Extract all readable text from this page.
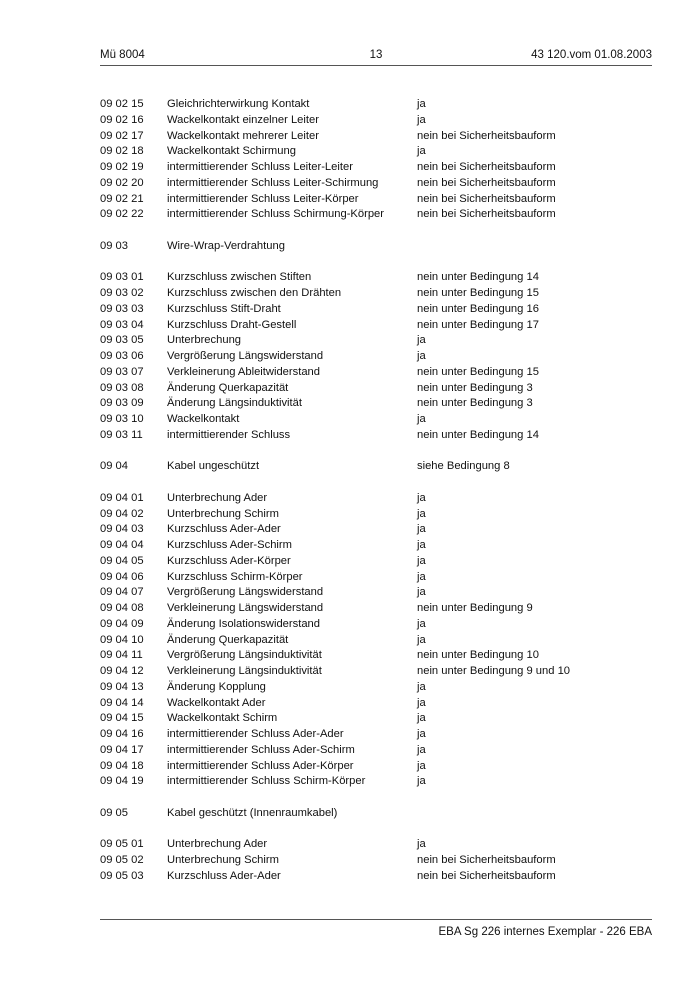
Mü 8004	13	43 120.vom 01.08.2003
09 02 15 Gleichrichterwirkung Kontakt	ja
09 02 16 Wackelkontakt einzelner Leiter	ja
09 02 17 Wackelkontakt mehrerer Leiter	nein bei Sicherheitsbauform
09 02 18 Wackelkontakt Schirmung	ja
09 02 19 intermittierender Schluss Leiter-Leiter	nein bei Sicherheitsbauform
09 02 20 intermittierender Schluss Leiter-Schirmung	nein bei Sicherheitsbauform
09 02 21 intermittierender Schluss Leiter-Körper	nein bei Sicherheitsbauform
09 02 22 intermittierender Schluss Schirmung-Körper	nein bei Sicherheitsbauform
09 03	Wire-Wrap-Verdrahtung
09 03 01 Kurzschluss zwischen Stiften	nein unter Bedingung 14
09 03 02 Kurzschluss zwischen den Drähten	nein unter Bedingung 15
09 03 03 Kurzschluss Stift-Draht	nein unter Bedingung 16
09 03 04 Kurzschluss Draht-Gestell	nein unter Bedingung 17
09 03 05 Unterbrechung	ja
09 03 06 Vergrößerung Längswiderstand	ja
09 03 07 Verkleinerung Ableitwiderstand	nein unter Bedingung 15
09 03 08 Änderung Querkapazität	nein unter Bedingung 3
09 03 09 Änderung Längsinduktivität	nein unter Bedingung 3
09 03 10 Wackelkontakt	ja
09 03 11 intermittierender Schluss	nein unter Bedingung 14
09 04	Kabel ungeschützt	siehe Bedingung 8
09 04 01 Unterbrechung Ader	ja
09 04 02 Unterbrechung Schirm	ja
09 04 03 Kurzschluss Ader-Ader	ja
09 04 04 Kurzschluss Ader-Schirm	ja
09 04 05 Kurzschluss Ader-Körper	ja
09 04 06 Kurzschluss Schirm-Körper	ja
09 04 07 Vergrößerung Längswiderstand	ja
09 04 08 Verkleinerung Längswiderstand	nein unter Bedingung 9
09 04 09 Änderung Isolationswiderstand	ja
09 04 10 Änderung Querkapazität	ja
09 04 11 Vergrößerung Längsinduktivität	nein unter Bedingung 10
09 04 12 Verkleinerung Längsinduktivität	nein unter Bedingung 9 und 10
09 04 13 Änderung Kopplung	ja
09 04 14 Wackelkontakt Ader	ja
09 04 15 Wackelkontakt Schirm	ja
09 04 16 intermittierender Schluss Ader-Ader	ja
09 04 17 intermittierender Schluss Ader-Schirm	ja
09 04 18 intermittierender Schluss Ader-Körper	ja
09 04 19 intermittierender Schluss Schirm-Körper	ja
09 05	Kabel geschützt (Innenraumkabel)
09 05 01 Unterbrechung Ader	ja
09 05 02 Unterbrechung Schirm	nein bei Sicherheitsbauform
09 05 03 Kurzschluss Ader-Ader	nein bei Sicherheitsbauform
EBA Sg 226 internes Exemplar - 226 EBA
